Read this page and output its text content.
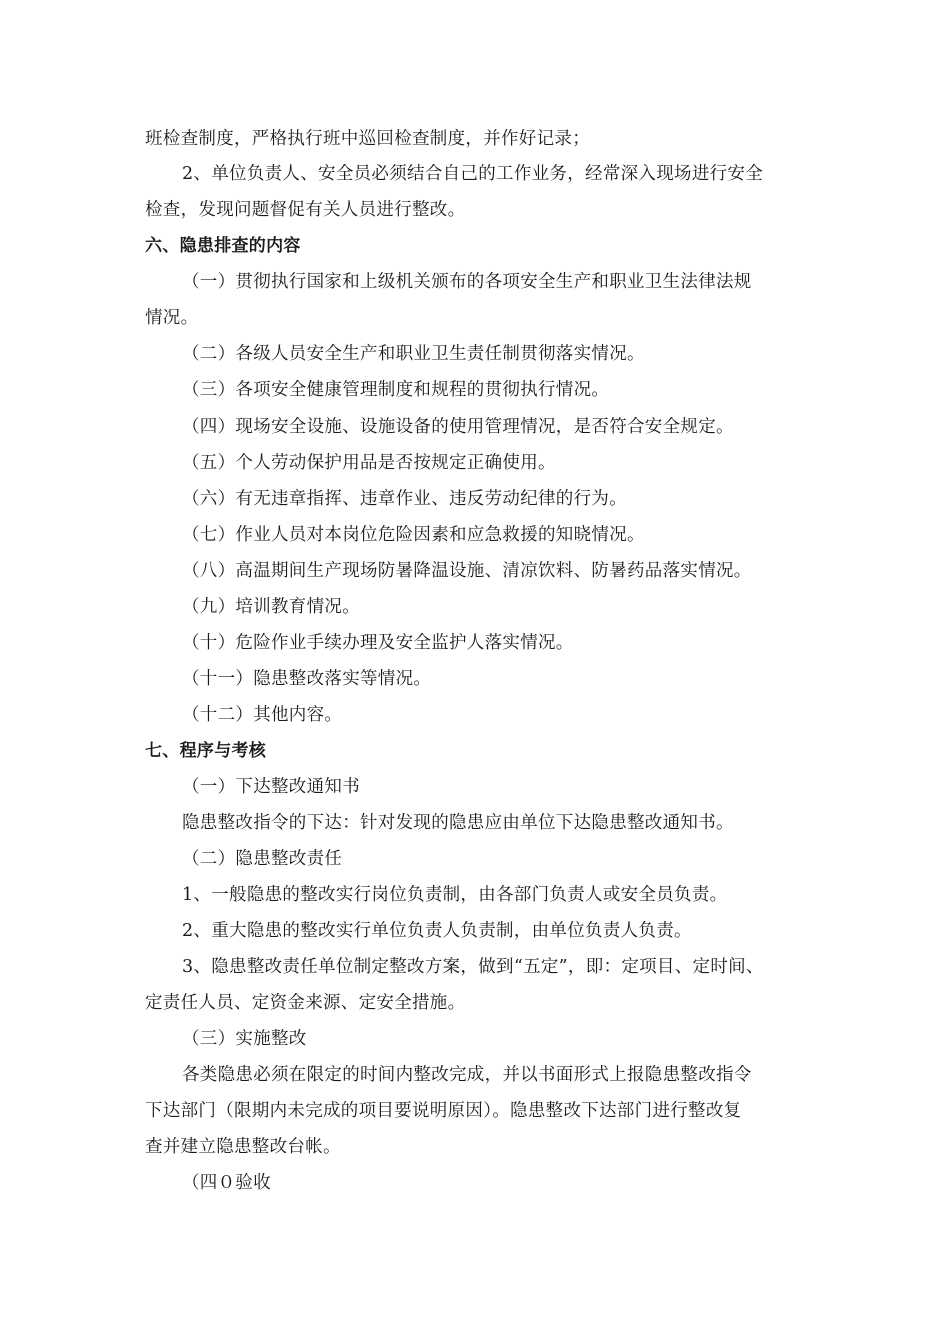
班检查制度，严格执行班中巡回检查制度，并作好记录；
2、单位负责人、安全员必须结合自己的工作业务，经常深入现场进行安全
检查，发现问题督促有关人员进行整改。
六、隐患排查的内容
（一）贯彻执行国家和上级机关颁布的各项安全生产和职业卫生法律法规
情况。
（二）各级人员安全生产和职业卫生责任制贯彻落实情况。
（三）各项安全健康管理制度和规程的贯彻执行情况。
（四）现场安全设施、设施设备的使用管理情况，是否符合安全规定。
（五）个人劳动保护用品是否按规定正确使用。
（六）有无违章指挥、违章作业、违反劳动纪律的行为。
（七）作业人员对本岗位危险因素和应急救援的知晓情况。
（八）高温期间生产现场防暑降温设施、清凉饮料、防暑药品落实情况。
（九）培训教育情况。
（十）危险作业手续办理及安全监护人落实情况。
（十一）隐患整改落实等情况。
（十二）其他内容。
七、程序与考核
（一）下达整改通知书
隐患整改指令的下达：针对发现的隐患应由单位下达隐患整改通知书。
（二）隐患整改责任
1、一般隐患的整改实行岗位负责制，由各部门负责人或安全员负责。
2、重大隐患的整改实行单位负责人负责制，由单位负责人负责。
3、隐患整改责任单位制定整改方案，做到“五定”，即：定项目、定时间、
定责任人员、定资金来源、定安全措施。
（三）实施整改
各类隐患必须在限定的时间内整改完成，并以书面形式上报隐患整改指令
下达部门（限期内未完成的项目要说明原因）。隐患整改下达部门进行整改复
查并建立隐患整改台帐。
（四０验收
